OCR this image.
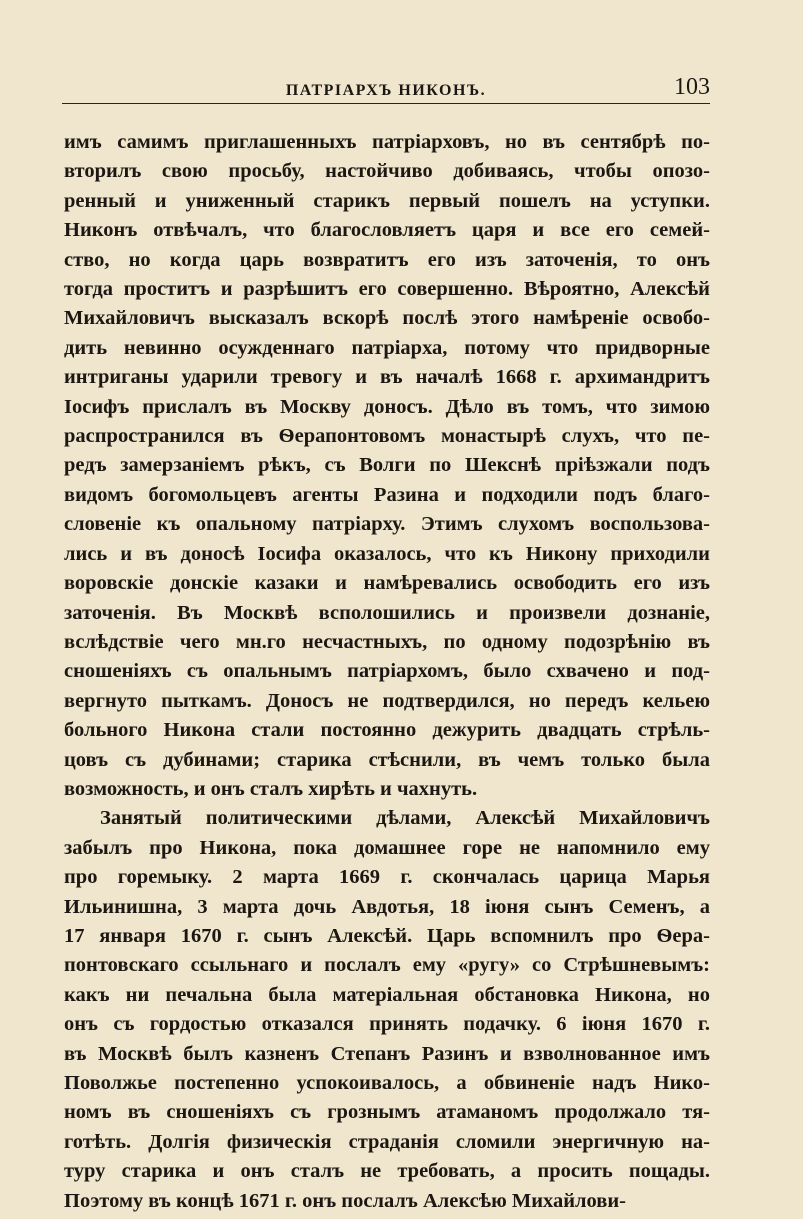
ПАТРІАРХЪ НИКОНЪ.	103
имъ самимъ приглашенныхъ патріарховъ, но въ сентябрѣ по-
вторилъ свою просьбу, настойчиво добиваясь, чтобы опозо-
ренный и униженный старикъ первый пошелъ на уступки.
Никонъ отвѣчалъ, что благословляетъ царя и все его семей-
ство, но когда царь возвратитъ его изъ заточенія, то онъ
тогда проститъ и разрѣшитъ его совершенно. Вѣроятно, Алексѣй
Михайловичъ высказалъ вскорѣ послѣ этого намѣреніе освобо-
дить невинно осужденнаго патріарха, потому что придворные
интриганы ударили тревогу и въ началѣ 1668 г. архимандритъ
Іосифъ прислалъ въ Москву доносъ. Дѣло въ томъ, что зимою
распространился въ Ѳерапонтовомъ монастырѣ слухъ, что пе-
редъ замерзаніемъ рѣкъ, съ Волги по Шекснѣ пріѣзжали подъ
видомъ богомольцевъ агенты Разина и подходили подъ благо-
словеніе къ опальному патріарху. Этимъ слухомъ воспользова-
лись и въ доносѣ Іосифа оказалось, что къ Никону приходили
воровскіе донскіе казаки и намѣревались освободить его изъ
заточенія. Въ Москвѣ всполошились и произвели дознаніе,
вслѣдствіе чего мн.го несчастныхъ, по одному подозрѣнію въ
сношеніяхъ съ опальнымъ патріархомъ, было схвачено и под-
вергнуто пыткамъ. Доносъ не подтвердился, но передъ кельею
больного Никона стали постоянно дежурить двадцать стрѣль-
цовъ съ дубинами; старика стѣснили, въ чемъ только была
возможность, и онъ сталъ хирѣть и чахнуть.
Занятый политическими дѣлами, Алексѣй Михайловичъ
забылъ про Никона, пока домашнее горе не напомнило ему
про горемыку. 2 марта 1669 г. скончалась царица Марья
Ильинишна, 3 марта дочь Авдотья, 18 іюня сынъ Семенъ, а
17 января 1670 г. сынъ Алексѣй. Царь вспомнилъ про Ѳера-
понтовскаго ссыльнаго и послалъ ему «ругу» со Стрѣшневымъ:
какъ ни печальна была матеріальная обстановка Никона, но
онъ съ гордостью отказался принять подачку. 6 іюня 1670 г.
въ Москвѣ былъ казненъ Степанъ Разинъ и взволнованное имъ
Поволжье постепенно успокоивалось, а обвиненіе надъ Нико-
номъ въ сношеніяхъ съ грознымъ атаманомъ продолжало тя-
готѣть. Долгія физическія страданія сломили энергичную на-
туру старика и онъ сталъ не требовать, а просить пощады.
Поэтому въ концѣ 1671 г. онъ послалъ Алексѣю Михайлови-
